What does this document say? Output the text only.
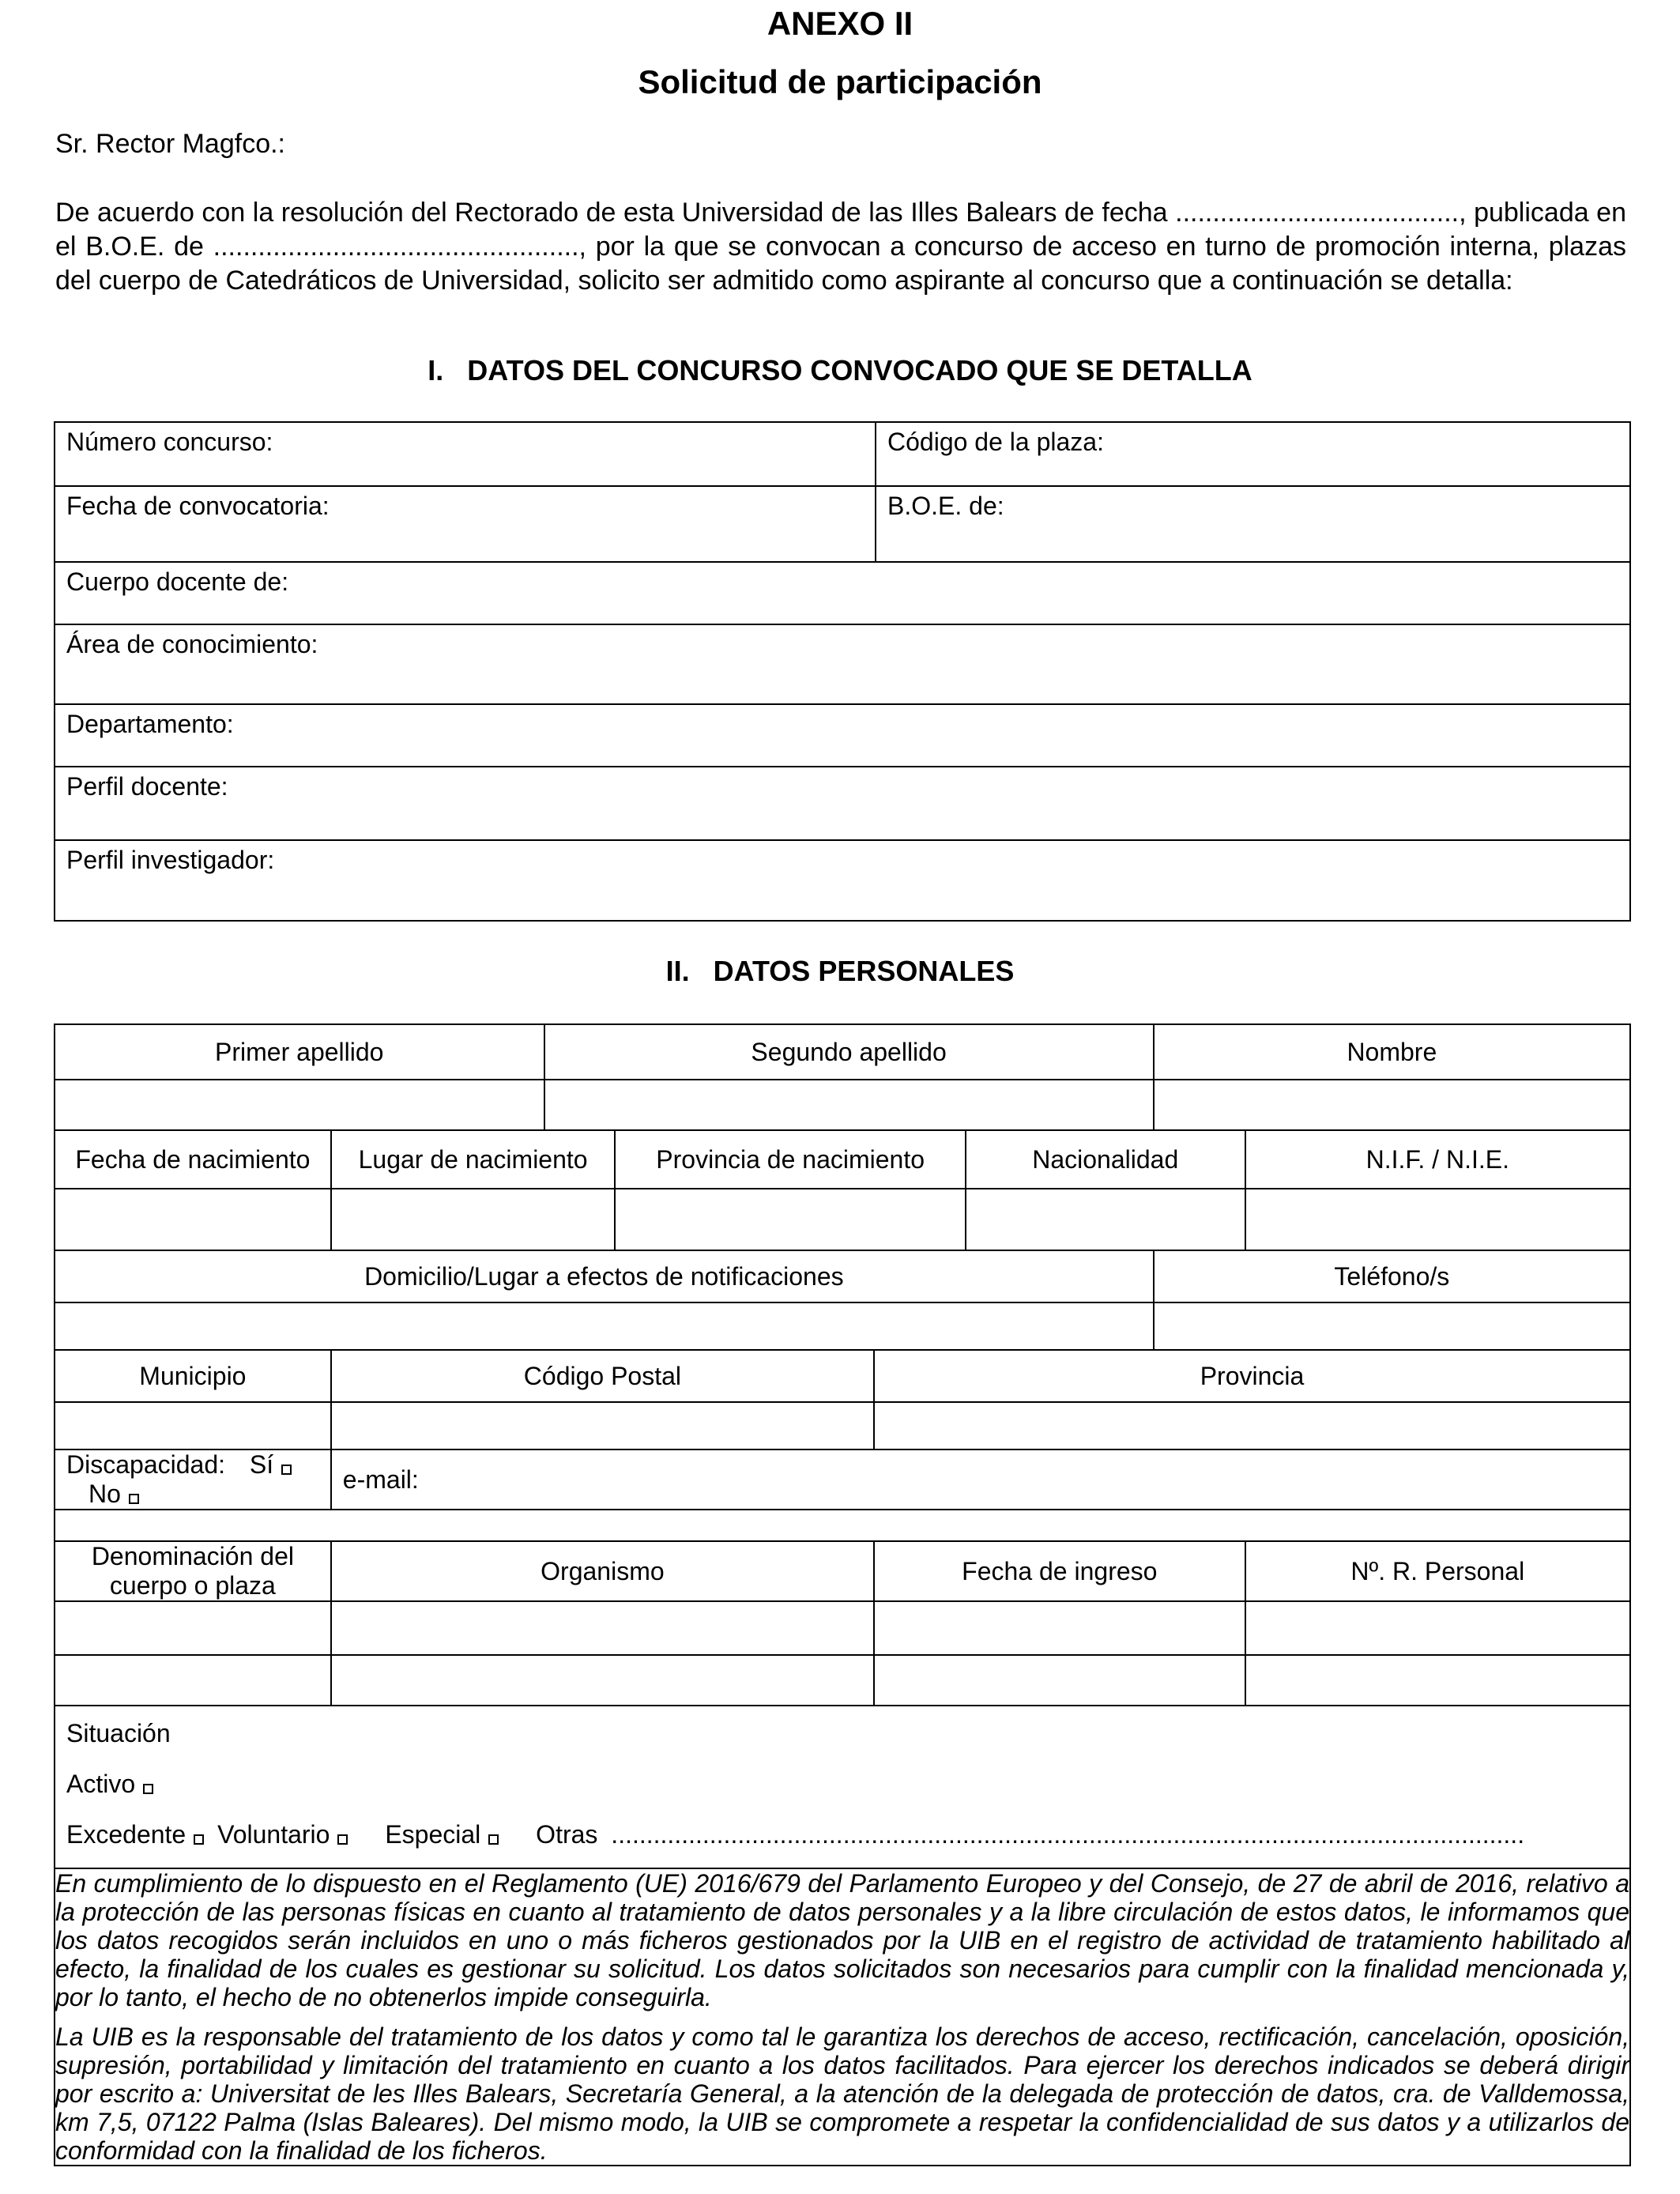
ANEXO II
Solicitud de participación
Sr. Rector Magfco.:
De acuerdo con la resolución del Rectorado de esta Universidad de las Illes Balears de fecha ......................................, publicada en el B.O.E. de ................................................., por la que se convocan a concurso de acceso en turno de promoción interna, plazas del cuerpo de Catedráticos de Universidad, solicito ser admitido como aspirante al concurso que a continuación se detalla:
I.   DATOS DEL CONCURSO CONVOCADO QUE SE DETALLA
Número concurso:	Código de la plaza:
Fecha de convocatoria:	B.O.E. de:
Cuerpo docente de:	
Área de conocimiento:	
Departamento:	
Perfil docente:	
Perfil investigador:	
II.   DATOS PERSONALES
Primer apellido		Segundo apellido				Nombre	

Fecha de nacimiento	Lugar de nacimiento		Provincia de nacimiento		Nacionalidad		N.I.F. / N.I.E.

Domicilio/Lugar a efectos de notificaciones						Teléfono/s	

Municipio	Código Postal			Provincia			

Discapacidad: Sí No	e-mail:						

Denominación del cuerpo o plaza	Organismo			Fecha de ingreso			Nº. R. Personal

Situación
Activo
Excedente Voluntario Especial Otras ..................................................................................................................................							

En cumplimiento de lo dispuesto en el Reglamento (UE) 2016/679 del Parlamento Europeo y del Consejo, de 27 de abril de 2016, relativo a la protección de las personas físicas en cuanto al tratamiento de datos personales y a la libre circulación de estos datos, le informamos que los datos recogidos serán incluidos en uno o más ficheros gestionados por la UIB en el registro de actividad de tratamiento habilitado al efecto, la finalidad de los cuales es gestionar su solicitud. Los datos solicitados son necesarios para cumplir con la finalidad mencionada y, por lo tanto, el hecho de no obtenerlos impide conseguirla.

La UIB es la responsable del tratamiento de los datos y como tal le garantiza los derechos de acceso, rectificación, cancelación, oposición, supresión, portabilidad y limitación del tratamiento en cuanto a los datos facilitados. Para ejercer los derechos indicados se deberá dirigir por escrito a: Universitat de les Illes Balears, Secretaría General, a la atención de la delegada de protección de datos, cra. de Valldemossa, km 7,5, 07122 Palma (Islas Baleares). Del mismo modo, la UIB se compromete a respetar la confidencialidad de sus datos y a utilizarlos de conformidad con la finalidad de los ficheros.							
